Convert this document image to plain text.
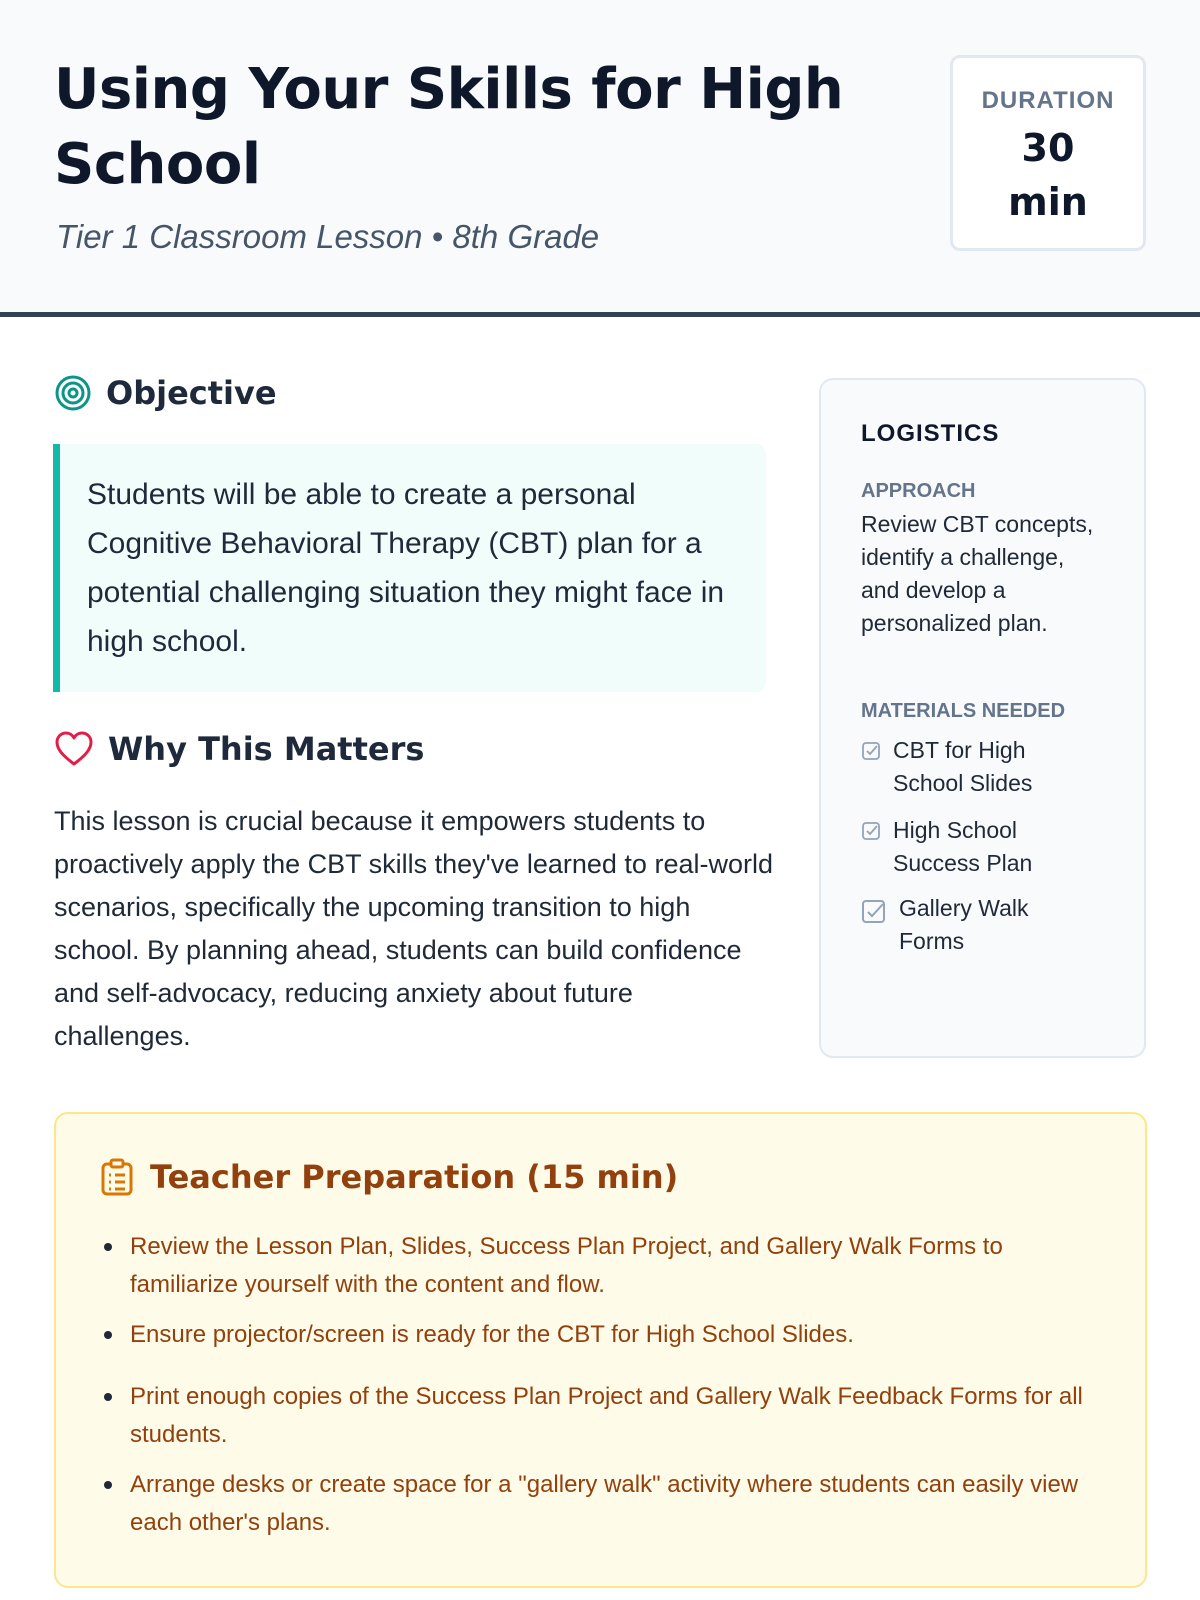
Using Your Skills for High School

Tier 1 Classroom Lesson • 8th Grade

DURATION
30 min
Objective

Students will be able to create a personal Cognitive Behavioral Therapy (CBT) plan for a potential challenging situation they might face in high school.

Why This Matters

This lesson is crucial because it empowers students to proactively apply the CBT skills they've learned to real-world scenarios, specifically the upcoming transition to high school. By planning ahead, students can build confidence and self-advocacy, reducing anxiety about future challenges.

LOGISTICS
APPROACH

Review CBT concepts, identify a challenge, and develop a personalized plan.

MATERIALS NEEDED
CBT for High School Slides
High School Success Plan
Gallery Walk Forms
Teacher Preparation (15 min)
Review the Lesson Plan, Slides, Success Plan Project, and Gallery Walk Forms to familiarize yourself with the content and flow.
Ensure projector/screen is ready for the CBT for High School Slides.
Print enough copies of the Success Plan Project and Gallery Walk Feedback Forms for all students.
Arrange desks or create space for a "gallery walk" activity where students can easily view each other's plans.
